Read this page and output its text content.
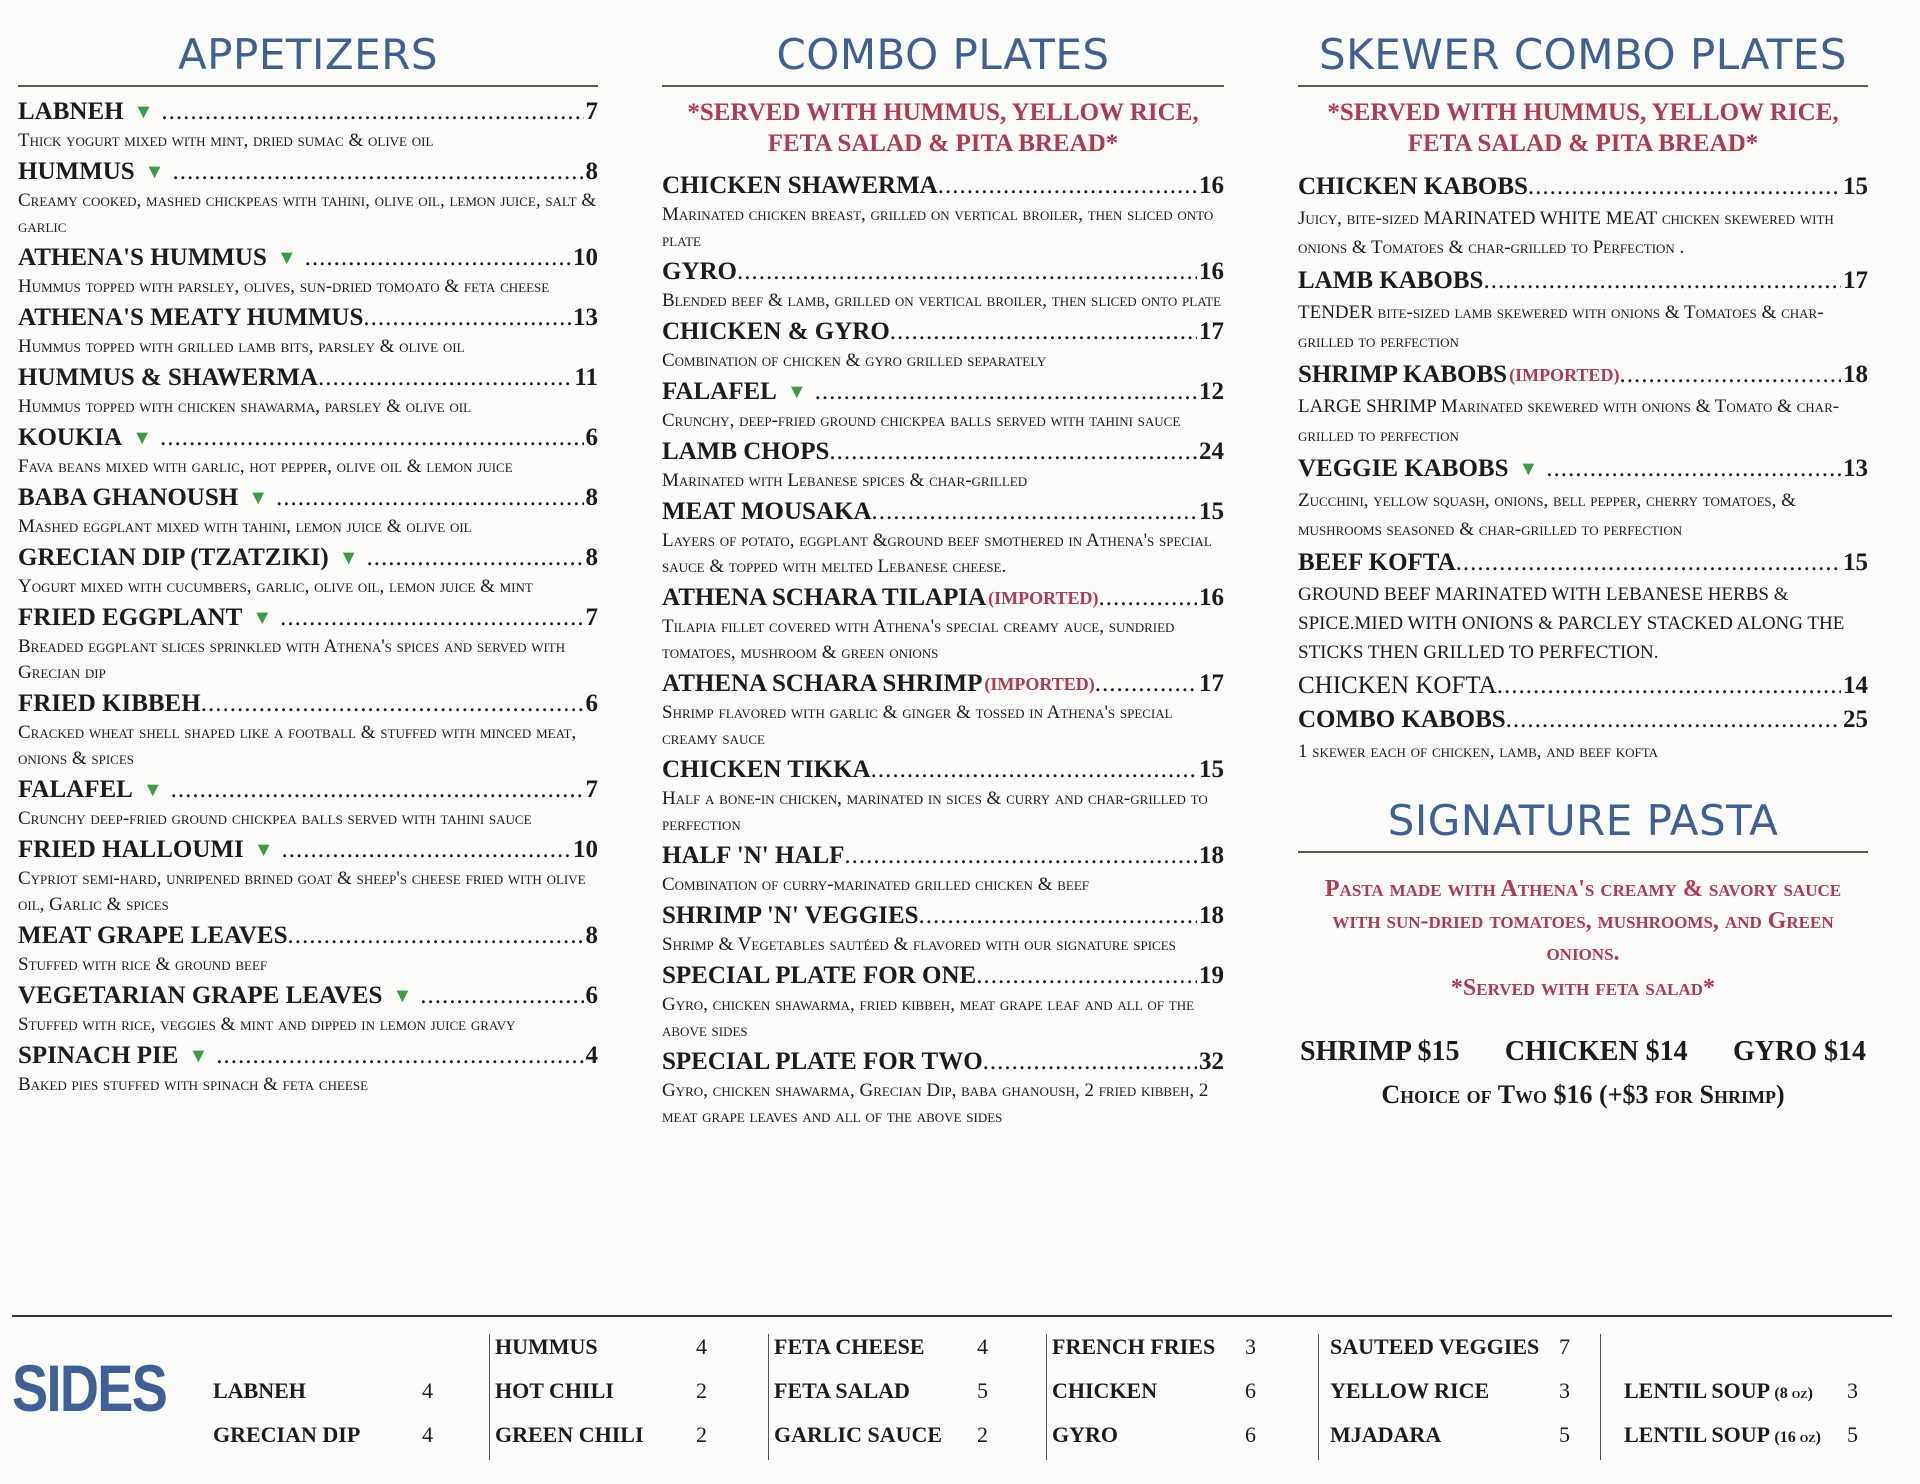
APPETIZERS
LABNEH ▼ .....	7
Thick yogurt mixed with mint, dried sumac & olive oil
HUMMUS ▼ .....	8
Creamy cooked, mashed chickpeas with tahini, olive oil, lemon juice, salt & garlic
ATHENA'S HUMMUS ▼ .....	10
Hummus topped with parsley, olives, sun-dried tomoato & feta cheese
ATHENA'S MEATY HUMMUS .....	13
Hummus topped with grilled lamb bits, parsley & olive oil
HUMMUS & SHAWERMA .....	11
Hummus topped with chicken shawarma, parsley & olive oil
KOUKIA ▼ .....	6
Fava beans mixed with garlic, hot pepper, olive oil & lemon juice
BABA GHANOUSH ▼ .....	8
Mashed eggplant mixed with tahini, lemon juice & olive oil
GRECIAN DIP (TZATZIKI) ▼ .....	8
Yogurt mixed with cucumbers, garlic, olive oil, lemon juice & mint
FRIED EGGPLANT ▼ .....	7
Breaded eggplant slices sprinkled with Athena's spices and served with Grecian dip
FRIED KIBBEH .....	6
Cracked wheat shell shaped like a football & stuffed with minced meat, onions & spices
FALAFEL ▼ .....	7
Crunchy deep-fried ground chickpea balls served with tahini sauce
FRIED HALLOUMI ▼ .....	10
Cypriot semi-hard, unripened brined goat & sheep's cheese fried with olive oil, Garlic & spices
MEAT GRAPE LEAVES .....	8
Stuffed with rice & ground beef
VEGETARIAN GRAPE LEAVES ▼ .....	6
Stuffed with rice, veggies & mint and dipped in lemon juice gravy
SPINACH PIE ▼ .....	4
Baked pies stuffed with spinach & feta cheese
COMBO PLATES
*SERVED WITH HUMMUS, YELLOW RICE, FETA SALAD & PITA BREAD*
CHICKEN SHAWERMA .....	16
Marinated chicken breast, grilled on vertical broiler, then sliced onto plate
GYRO .....	16
Blended beef & lamb, grilled on vertical broiler, then sliced onto plate
CHICKEN & GYRO .....	17
Combination of chicken & gyro grilled separately
FALAFEL ▼ .....	12
Crunchy, deep-fried ground chickpea balls served with tahini sauce
LAMB CHOPS .....	24
Marinated with Lebanese spices & char-grilled
MEAT MOUSAKA .....	15
Layers of potato, eggplant &ground beef smothered in Athena's special sauce & topped with melted Lebanese cheese.
ATHENA SCHARA TILAPIA (IMPORTED) .....	16
Tilapia fillet covered with Athena's special creamy auce, sundried tomatoes, mushroom & green onions
ATHENA SCHARA SHRIMP (IMPORTED) .....	17
Shrimp flavored with garlic & ginger & tossed in Athena's special creamy sauce
CHICKEN TIKKA .....	15
Half a bone-in chicken, marinated in sices & curry and char-grilled to perfection
HALF 'N' HALF .....	18
Combination of curry-marinated grilled chicken & beef
SHRIMP 'N' VEGGIES .....	18
Shrimp & Vegetables sautéed & flavored with our signature spices
SPECIAL PLATE FOR ONE .....	19
Gyro, chicken shawarma, fried kibbeh, meat grape leaf and all of the above sides
SPECIAL PLATE FOR TWO .....	32
Gyro, chicken shawarma, Grecian Dip, baba ghanoush, 2 fried kibbeh, 2 meat grape leaves and all of the above sides
SKEWER COMBO PLATES
*SERVED WITH HUMMUS, YELLOW RICE, FETA SALAD & PITA BREAD*
CHICKEN KABOBS .....	15
Juicy, bite-sized MARINATED WHITE MEAT chicken skewered with onions & Tomatoes & char-grilled to Perfection .
LAMB KABOBS .....	17
TENDER bite-sized lamb skewered with onions & Tomatoes & char-grilled to perfection
SHRIMP KABOBS (IMPORTED) .....	18
LARGE SHRIMP Marinated skewered with onions & Tomato & char-grilled to perfection
VEGGIE KABOBS ▼ .....	13
Zucchini, yellow squash, onions, bell pepper, cherry tomatoes, & mushrooms seasoned & char-grilled to perfection
BEEF KOFTA .....	15
GROUND BEEF MARINATED WITH LEBANESE HERBS & SPICE.MIED WITH ONIONS & PARCLEY STACKED ALONG THE STICKS THEN GRILLED TO PERFECTION.
CHICKEN KOFTA .....	14
COMBO KABOBS .....	25
1 skewer each of chicken, lamb, and beef kofta
SIGNATURE PASTA
Pasta made with Athena's creamy & savory sauce with sun-dried tomatoes, mushrooms, and Green onions.
*Served with feta salad*
SHRIMP $15 CHICKEN $14 GYRO $14
Choice of Two $16 (+$3 for Shrimp)
SIDES LABNEH	4
GRECIAN DIP	4
HUMMUS	4
HOT CHILI	2
GREEN CHILI 2
FETA CHEESE 4
FETA SALAD	5
GARLIC SAUCE 2
FRENCH FRIES 3
CHICKEN	6
GYRO	6
SAUTEED VEGGIES 7
YELLOW RICE	3
MJADARA	5
LENTIL SOUP (8 oz) 3
LENTIL SOUP (16 oz) 5
